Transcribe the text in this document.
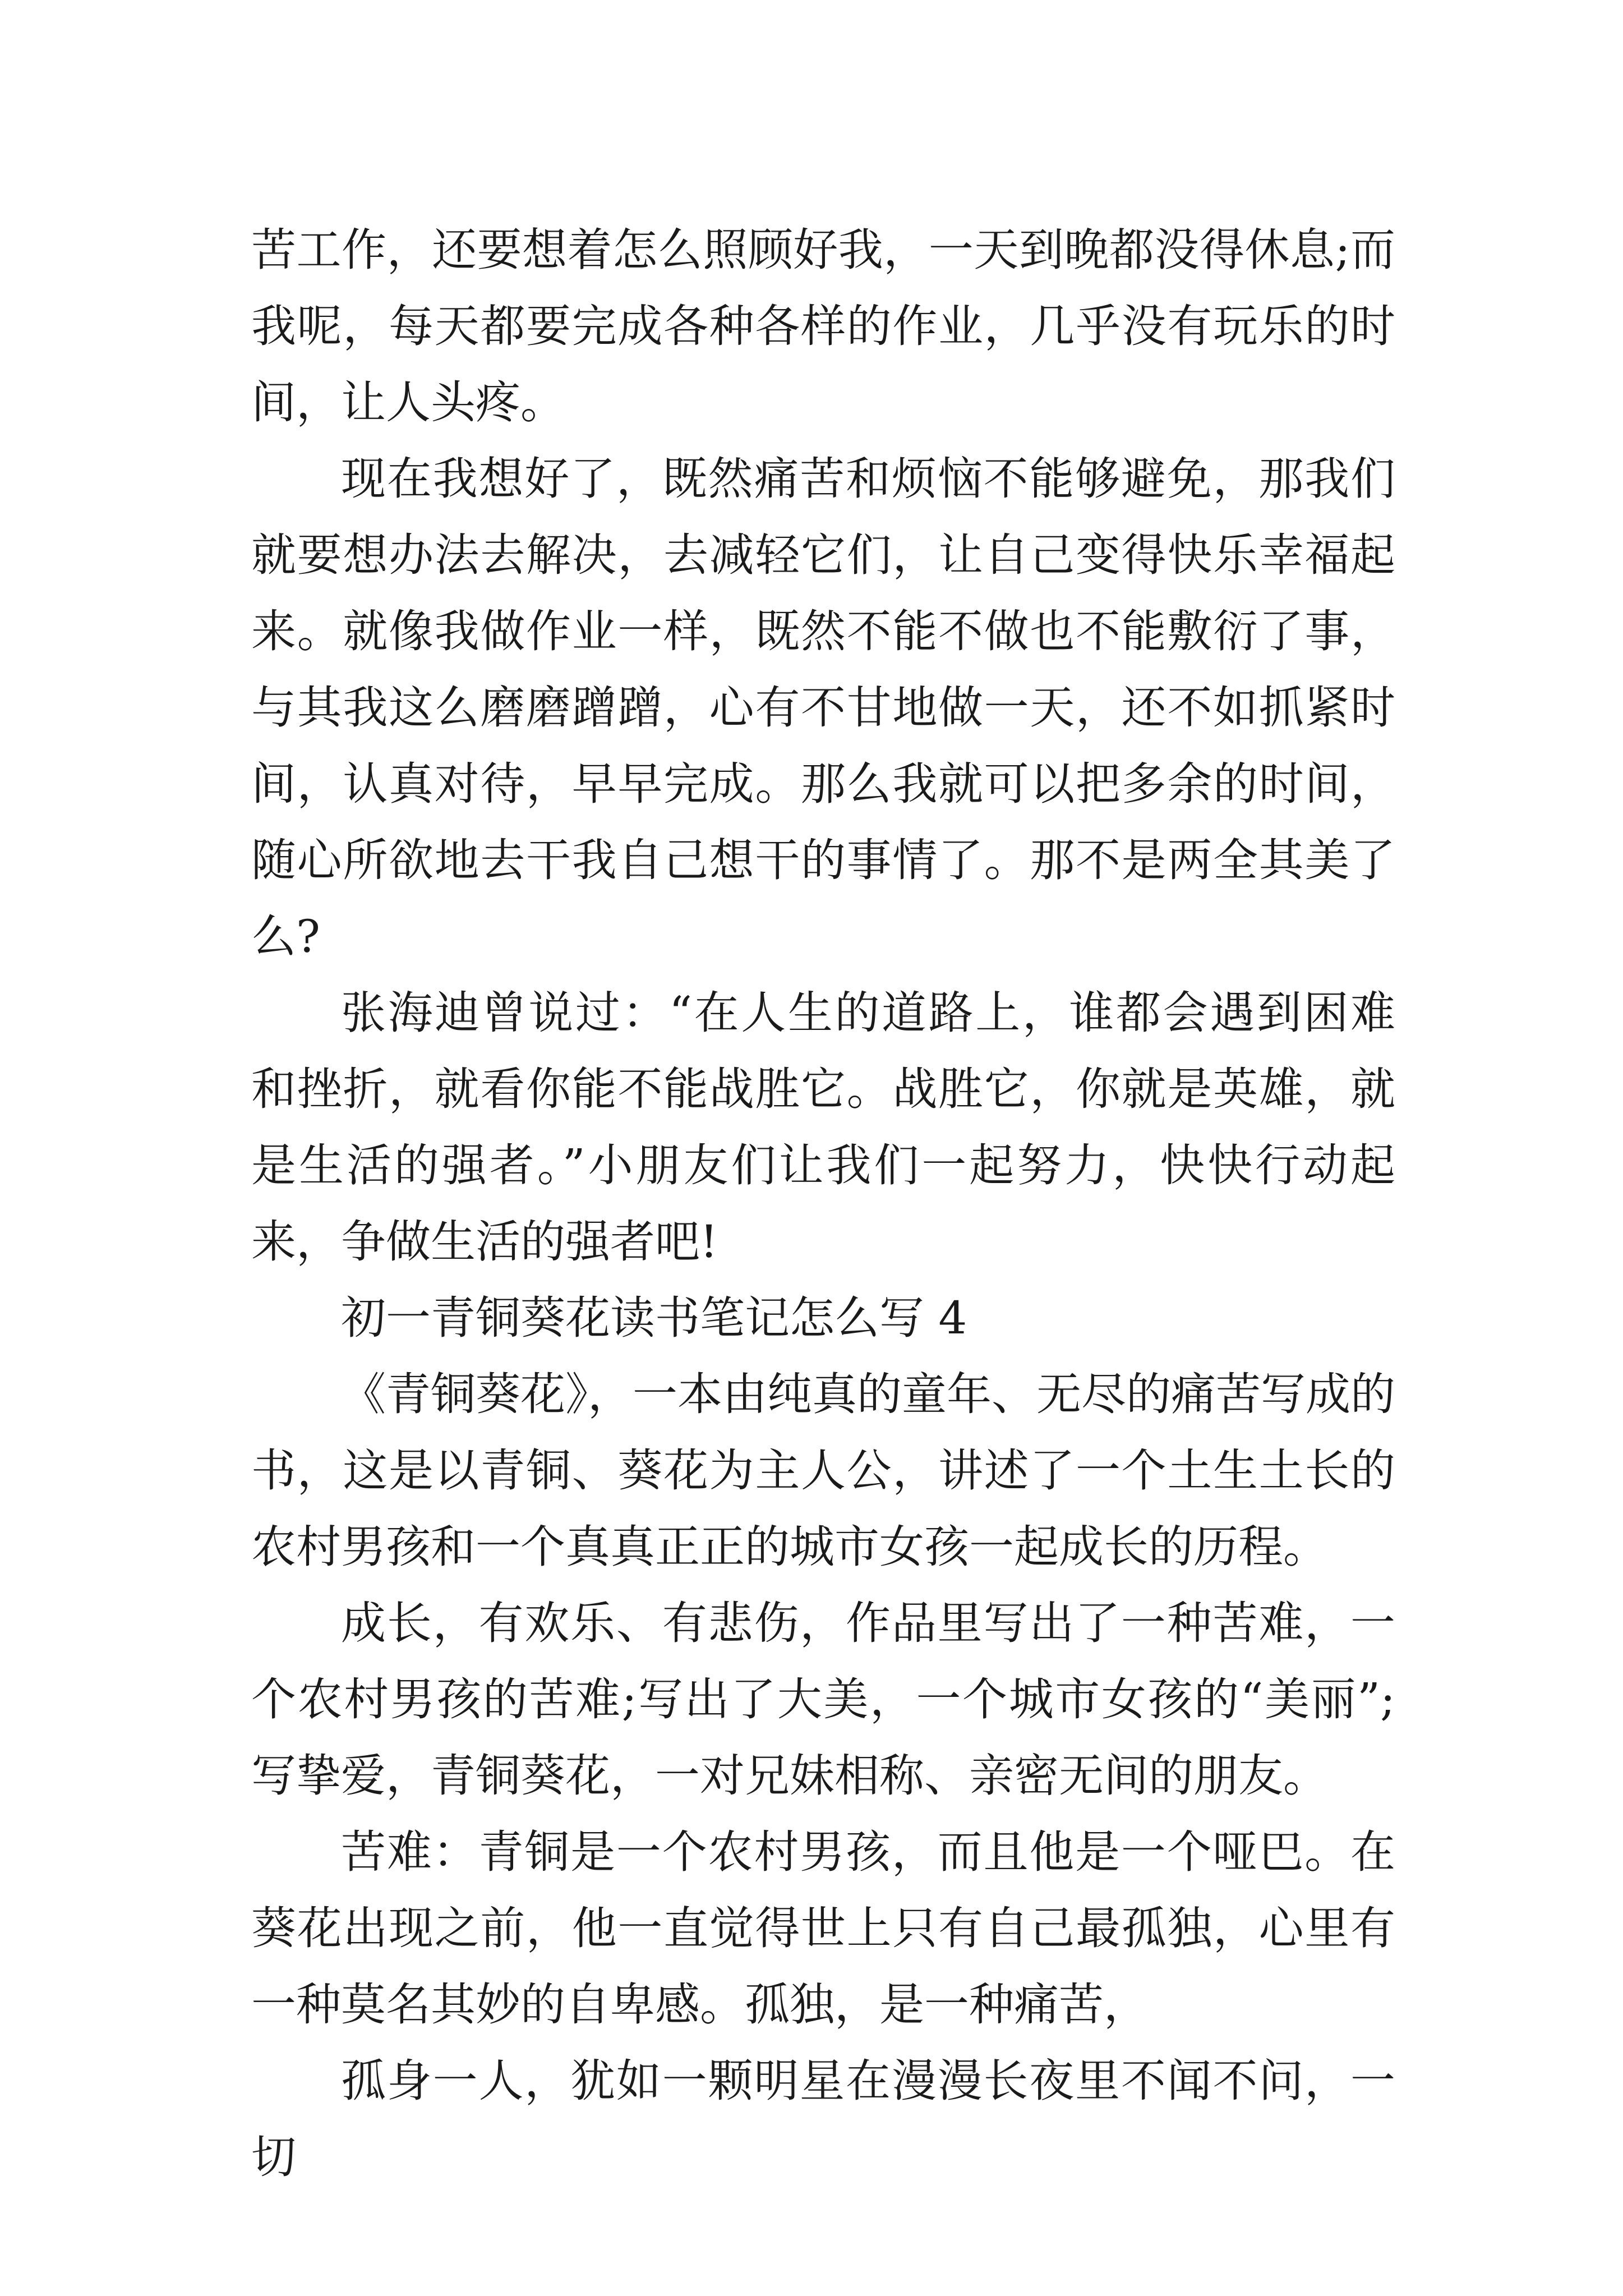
苦工作，还要想着怎么照顾好我，一天到晚都没得休息;而我呢，每天都要完成各种各样的作业，几乎没有玩乐的时间，让人头疼。

现在我想好了，既然痛苦和烦恼不能够避免，那我们就要想办法去解决，去减轻它们，让自己变得快乐幸福起来。就像我做作业一样，既然不能不做也不能敷衍了事，与其我这么磨磨蹭蹭，心有不甘地做一天，还不如抓紧时间，认真对待，早早完成。那么我就可以把多余的时间，随心所欲地去干我自己想干的事情了。那不是两全其美了么?

张海迪曾说过：“在人生的道路上，谁都会遇到困难和挫折，就看你能不能战胜它。战胜它，你就是英雄，就是生活的强者。”小朋友们让我们一起努力，快快行动起来，争做生活的强者吧!

初一青铜葵花读书笔记怎么写 4

《青铜葵花》，一本由纯真的童年、无尽的痛苦写成的书，这是以青铜、葵花为主人公，讲述了一个土生土长的农村男孩和一个真真正正的城市女孩一起成长的历程。

成长，有欢乐、有悲伤，作品里写出了一种苦难，一个农村男孩的苦难;写出了大美，一个城市女孩的“美丽”;写挚爱，青铜葵花，一对兄妹相称、亲密无间的朋友。

苦难：青铜是一个农村男孩，而且他是一个哑巴。在葵花出现之前，他一直觉得世上只有自己最孤独，心里有一种莫名其妙的自卑感。孤独，是一种痛苦，

孤身一人，犹如一颗明星在漫漫长夜里不闻不问，一切
